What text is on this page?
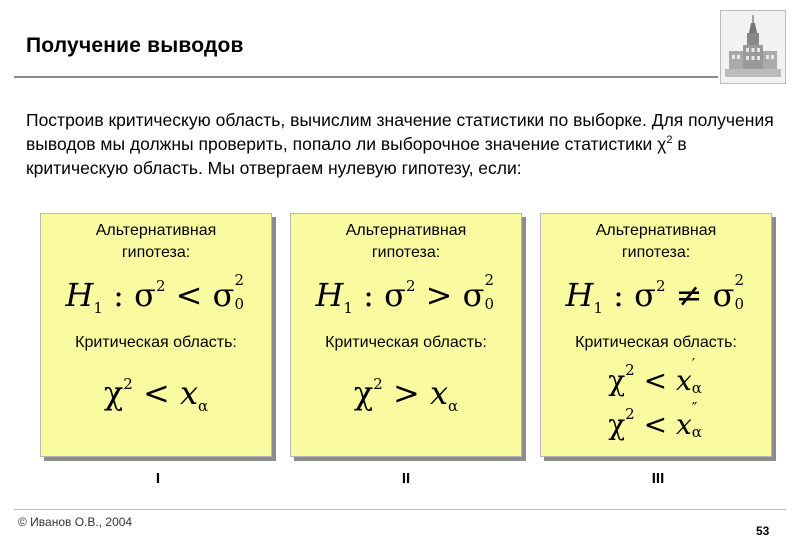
Получение выводов
Построив критическую область, вычислим значение статистики по выборке. Для получения выводов мы должны проверить, попало ли выборочное значение статистики $\chi^2$ в критическую область. Мы отвергаем нулевую гипотезу, если:
Альтернативная гипотеза:
$H_1$ : $\sigma^2 < \sigma$ 2
0
Критическая область:
$\chi^2 < x_\alpha$
Альтернативная гипотеза:
$H_1$ : $\sigma^2 > \sigma$ 2
0
Критическая область:
$\chi^2 > x_\alpha$
Альтернативная гипотеза:
$H_1$ : $\sigma^2 \ne \sigma$ 2
0
Критическая область:
$\chi^2 < x$ ′
α
$\chi^2 < x$ ″
α
I	II	III
© Иванов О.В., 2004
53
